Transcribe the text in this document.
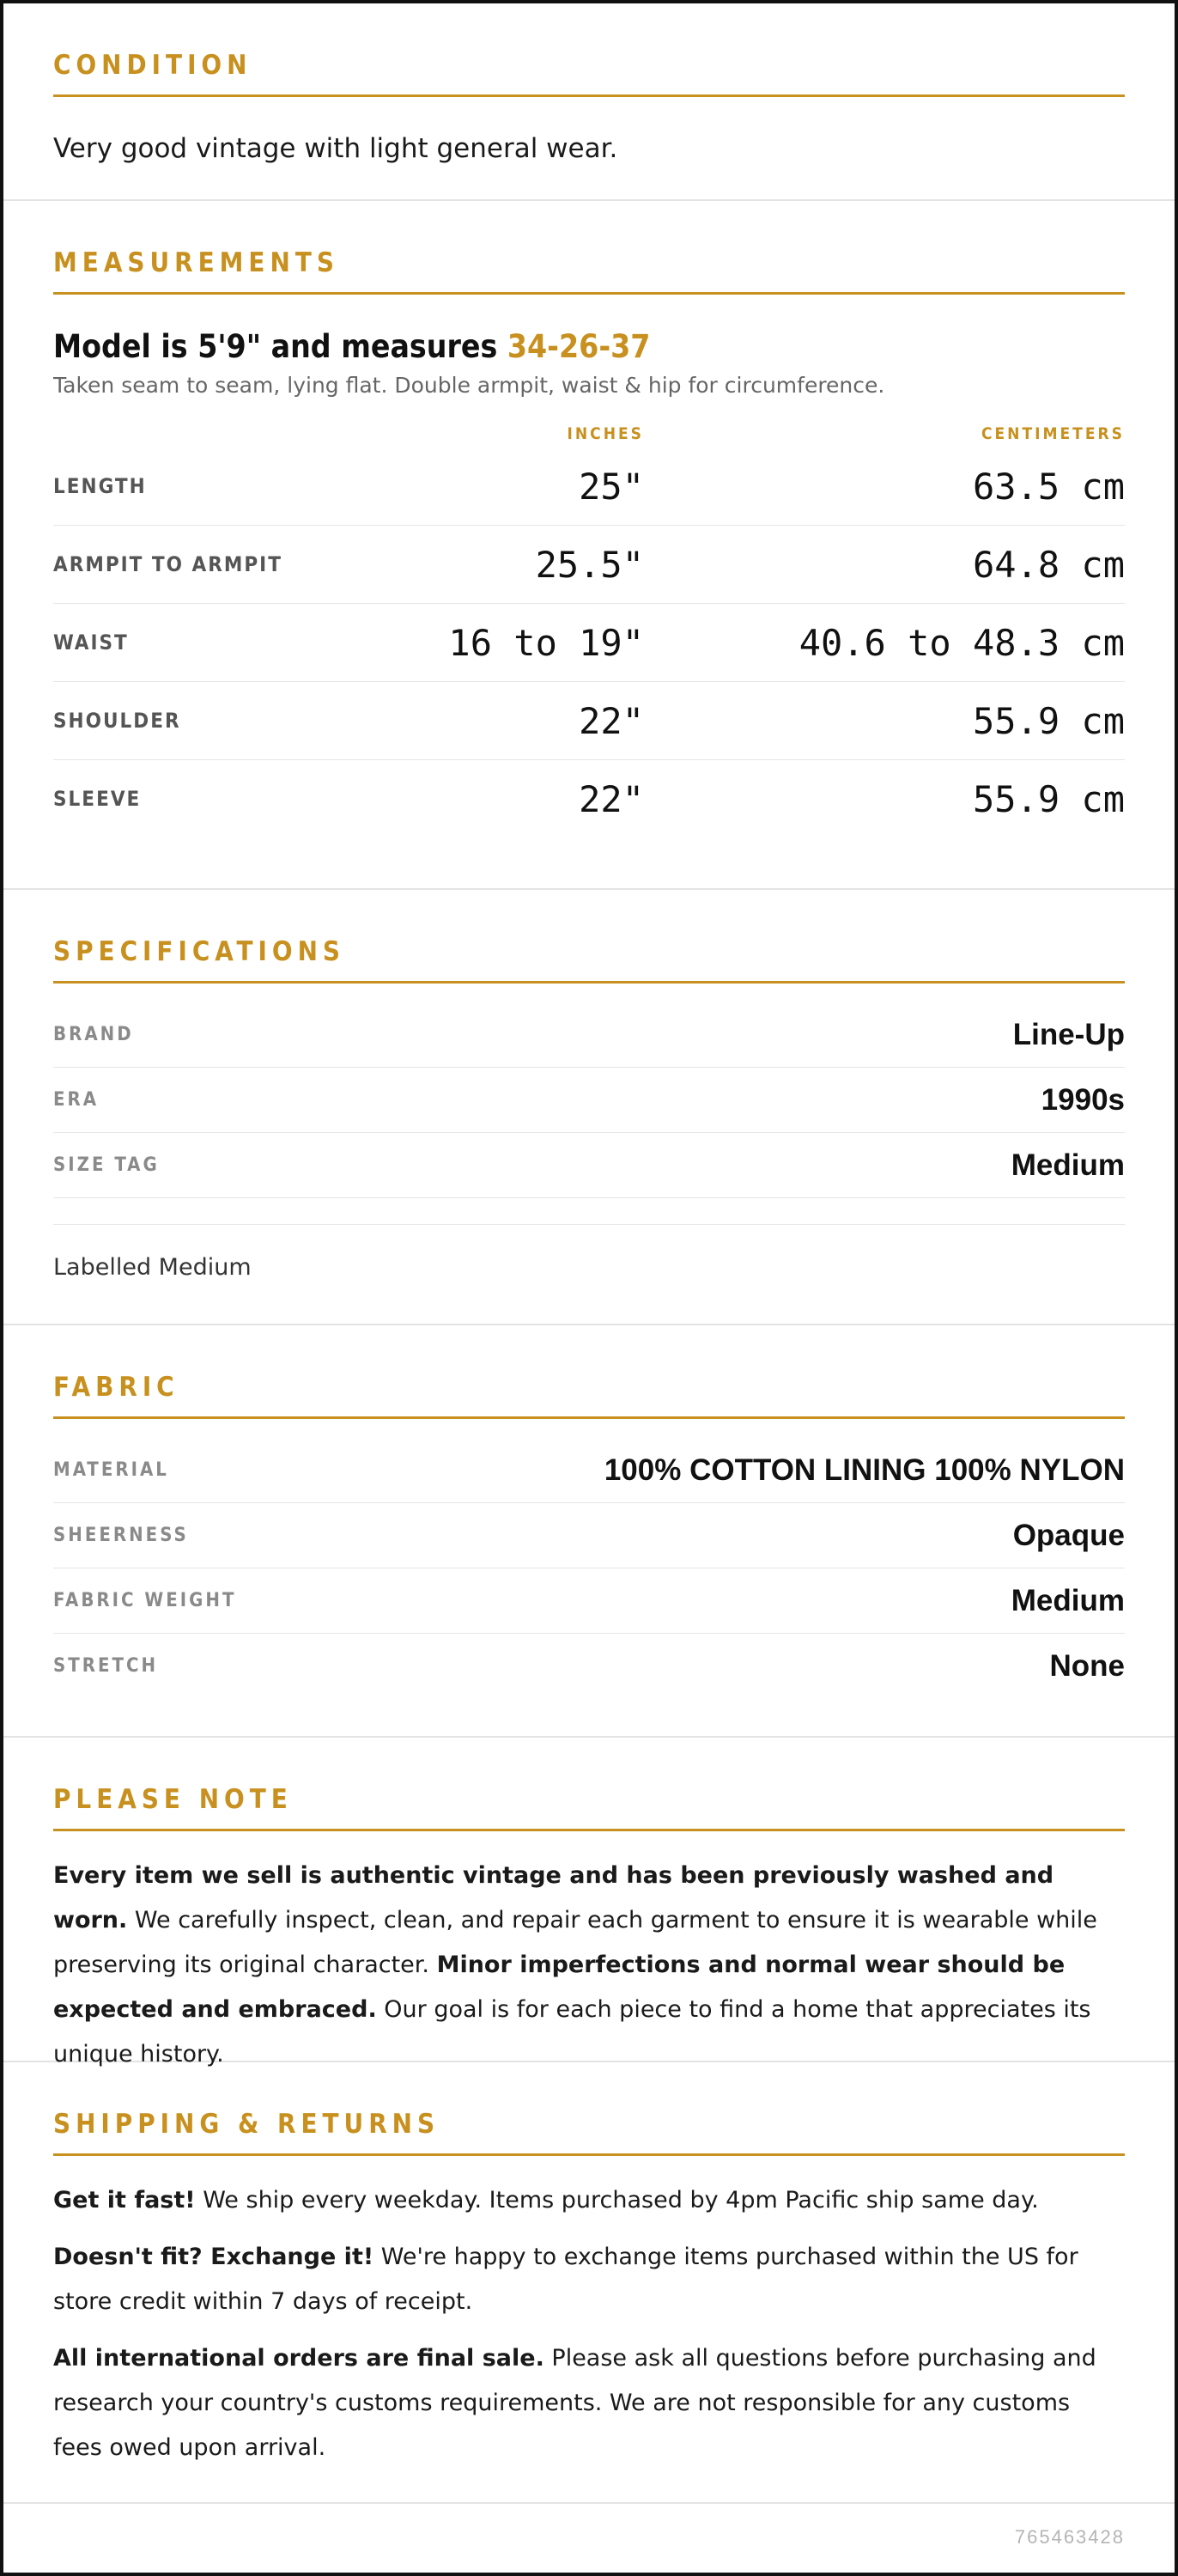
CONDITION

Very good vintage with light general wear.

MEASUREMENTS

Model is 5'9" and measures 34-26-37

Taken seam to seam, lying flat. Double armpit, waist & hip for circumference.

	INCHES	CENTIMETERS
LENGTH	25"	63.5 cm
ARMPIT TO ARMPIT	25.5"	64.8 cm
WAIST	16 to 19"	40.6 to 48.3 cm
SHOULDER	22"	55.9 cm
SLEEVE	22"	55.9 cm
SPECIFICATIONS
BRAND	Line-Up
ERA	1990s
SIZE TAG	Medium
Labelled Medium
FABRIC
MATERIAL	100% COTTON LINING 100% NYLON
SHEERNESS	Opaque
FABRIC WEIGHT	Medium
STRETCH	None
PLEASE NOTE

Every item we sell is authentic vintage and has been previously washed and worn. We carefully inspect, clean, and repair each garment to ensure it is wearable while preserving its original character. Minor imperfections and normal wear should be expected and embraced. Our goal is for each piece to find a home that appreciates its unique history.

SHIPPING & RETURNS

Get it fast! We ship every weekday. Items purchased by 4pm Pacific ship same day.

Doesn't fit? Exchange it! We're happy to exchange items purchased within the US for store credit within 7 days of receipt.

All international orders are final sale. Please ask all questions before purchasing and research your country's customs requirements. We are not responsible for any customs fees owed upon arrival.

765463428
